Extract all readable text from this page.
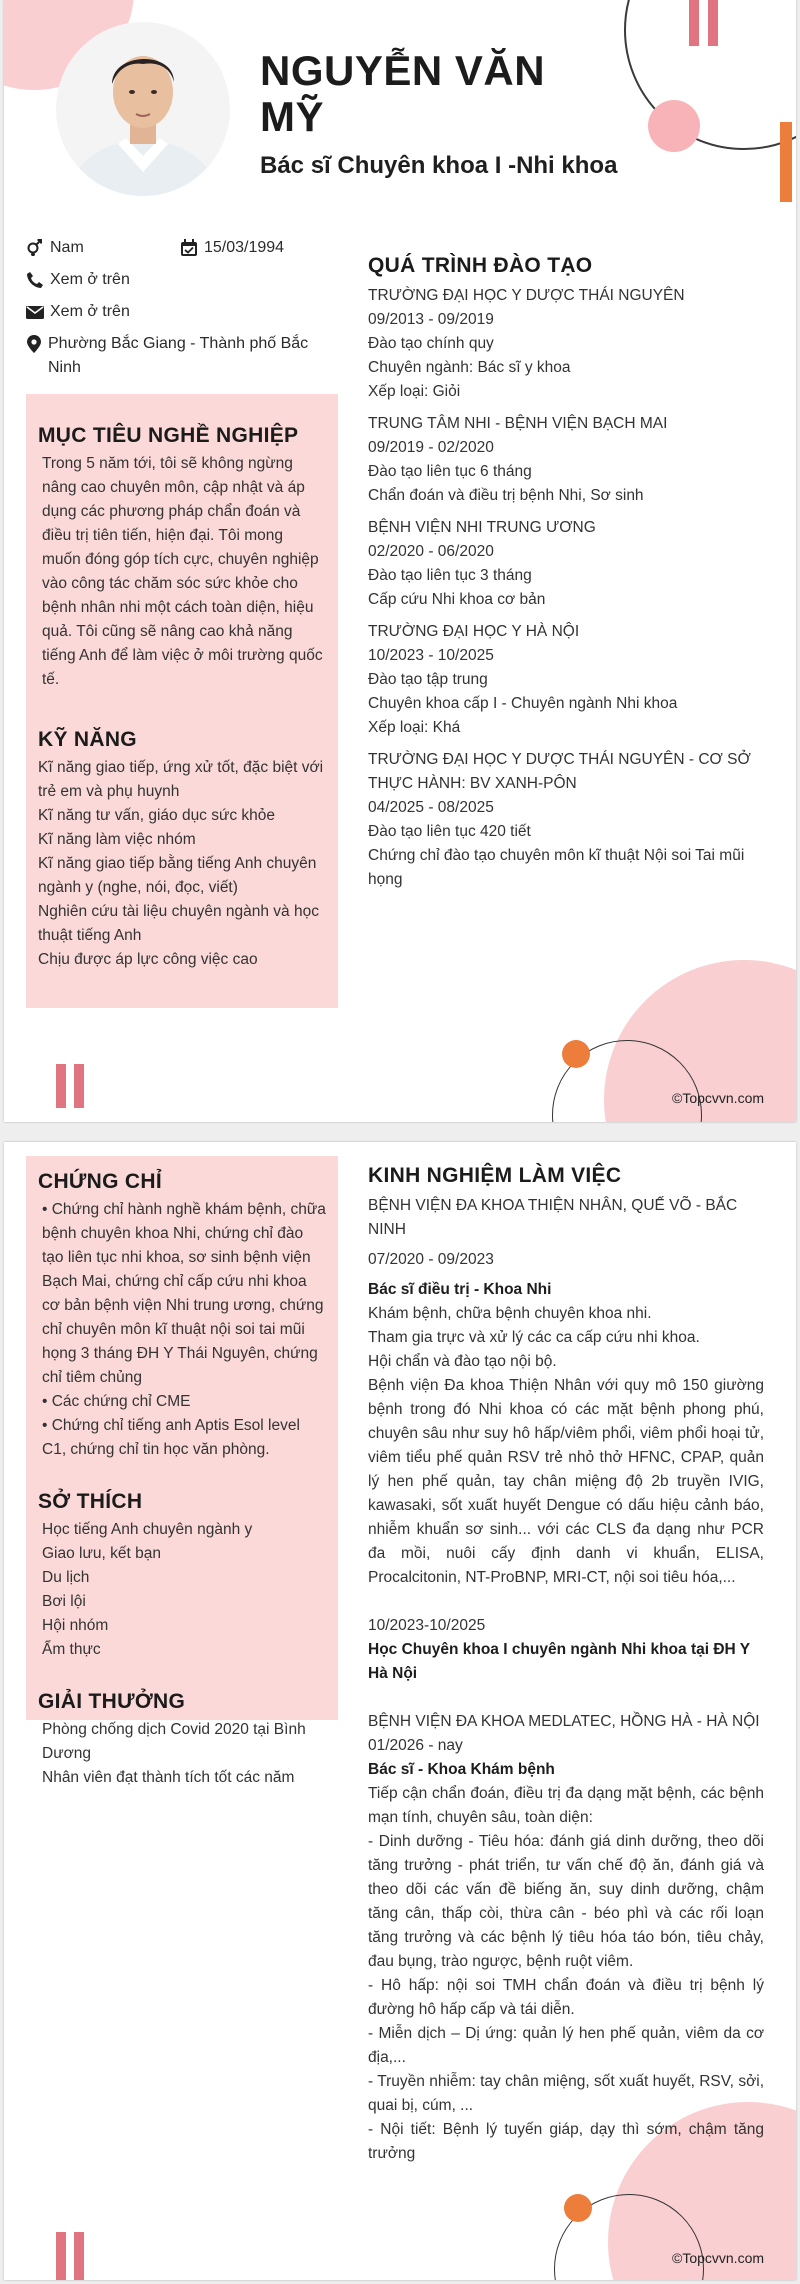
NGUYỄN VĂN MỸ
Bác sĩ Chuyên khoa I -Nhi khoa
Nam	15/03/1994
Xem ở trên
Xem ở trên
Phường Bắc Giang - Thành phố Bắc Ninh
MỤC TIÊU NGHỀ NGHIỆP
Trong 5 năm tới, tôi sẽ không ngừng nâng cao chuyên môn, cập nhật và áp dụng các phương pháp chẩn đoán và điều trị tiên tiến, hiện đại. Tôi mong muốn đóng góp tích cực, chuyên nghiệp vào công tác chăm sóc sức khỏe cho bệnh nhân nhi một cách toàn diện, hiệu quả. Tôi cũng sẽ nâng cao khả năng tiếng Anh để làm việc ở môi trường quốc tế.
KỸ NĂNG
Kĩ năng giao tiếp, ứng xử tốt, đặc biệt với trẻ em và phụ huynh
Kĩ năng tư vấn, giáo dục sức khỏe
Kĩ năng làm việc nhóm
Kĩ năng giao tiếp bằng tiếng Anh chuyên ngành y (nghe, nói, đọc, viết)
Nghiên cứu tài liệu chuyên ngành và học thuật tiếng Anh
Chịu được áp lực công việc cao
QUÁ TRÌNH ĐÀO TẠO
TRƯỜNG ĐẠI HỌC Y DƯỢC THÁI NGUYÊN
09/2013 - 09/2019
Đào tạo chính quy
Chuyên ngành: Bác sĩ y khoa
Xếp loại: Giỏi
TRUNG TÂM NHI - BỆNH VIỆN BẠCH MAI
09/2019 - 02/2020
Đào tạo liên tục 6 tháng
Chẩn đoán và điều trị bệnh Nhi, Sơ sinh
BỆNH VIỆN NHI TRUNG ƯƠNG
02/2020 - 06/2020
Đào tạo liên tục 3 tháng
Cấp cứu Nhi khoa cơ bản
TRƯỜNG ĐẠI HỌC Y HÀ NỘI
10/2023 - 10/2025
Đào tạo tập trung
Chuyên khoa cấp I - Chuyên ngành Nhi khoa
Xếp loại: Khá
TRƯỜNG ĐẠI HỌC Y DƯỢC THÁI NGUYÊN - CƠ SỞ THỰC HÀNH: BV XANH-PÔN
04/2025 - 08/2025
Đào tạo liên tục 420 tiết
Chứng chỉ đào tạo chuyên môn kĩ thuật Nội soi Tai mũi họng
©Topcvvn.com
CHỨNG CHỈ
• Chứng chỉ hành nghề khám bệnh, chữa bệnh chuyên khoa Nhi, chứng chỉ đào tạo liên tục nhi khoa, sơ sinh bệnh viện Bạch Mai, chứng chỉ cấp cứu nhi khoa cơ bản bệnh viện Nhi trung ương, chứng chỉ chuyên môn kĩ thuật nội soi tai mũi họng 3 tháng ĐH Y Thái Nguyên, chứng chỉ tiêm chủng
• Các chứng chỉ CME
• Chứng chỉ tiếng anh Aptis Esol level C1, chứng chỉ tin học văn phòng.
SỞ THÍCH
Học tiếng Anh chuyên ngành y
Giao lưu, kết bạn
Du lịch
Bơi lội
Hội nhóm
Ẩm thực
GIẢI THƯỞNG
Phòng chống dịch Covid 2020 tại Bình Dương
Nhân viên đạt thành tích tốt các năm
KINH NGHIỆM LÀM VIỆC
BỆNH VIỆN ĐA KHOA THIỆN NHÂN, QUẾ VÕ - BẮC NINH
07/2020 - 09/2023
Bác sĩ điều trị - Khoa Nhi
Khám bệnh, chữa bệnh chuyên khoa nhi.
Tham gia trực và xử lý các ca cấp cứu nhi khoa.
Hội chẩn và đào tạo nội bộ.
Bệnh viện Đa khoa Thiện Nhân với quy mô 150 giường bệnh trong đó Nhi khoa có các mặt bệnh phong phú, chuyên sâu như suy hô hấp/viêm phổi, viêm phổi hoại tử, viêm tiểu phế quản RSV trẻ nhỏ thở HFNC, CPAP, quản lý hen phế quản, tay chân miệng độ 2b truyền IVIG, kawasaki, sốt xuất huyết Dengue có dấu hiệu cảnh báo, nhiễm khuẩn sơ sinh... với các CLS đa dạng như PCR đa mồi, nuôi cấy định danh vi khuẩn, ELISA, Procalcitonin, NT-ProBNP, MRI-CT, nội soi tiêu hóa,...
10/2023-10/2025
Học Chuyên khoa I chuyên ngành Nhi khoa tại ĐH Y Hà Nội
BỆNH VIỆN ĐA KHOA MEDLATEC, HỒNG HÀ - HÀ NỘI
01/2026 - nay
Bác sĩ - Khoa Khám bệnh
Tiếp cận chẩn đoán, điều trị đa dạng mặt bệnh, các bệnh mạn tính, chuyên sâu, toàn diện:
- Dinh dưỡng - Tiêu hóa: đánh giá dinh dưỡng, theo dõi tăng trưởng - phát triển, tư vấn chế độ ăn, đánh giá và theo dõi các vấn đề biếng ăn, suy dinh dưỡng, chậm tăng cân, thấp còi, thừa cân - béo phì và các rối loạn tăng trưởng và các bệnh lý tiêu hóa táo bón, tiêu chảy, đau bụng, trào ngược, bệnh ruột viêm.
- Hô hấp: nội soi TMH chẩn đoán và điều trị bệnh lý đường hô hấp cấp và tái diễn.
- Miễn dịch – Dị ứng: quản lý hen phế quản, viêm da cơ địa,...
- Truyền nhiễm: tay chân miệng, sốt xuất huyết, RSV, sởi, quai bị, cúm, ...
- Nội tiết: Bệnh lý tuyến giáp, dạy thì sớm, chậm tăng trưởng
©Topcvvn.com
